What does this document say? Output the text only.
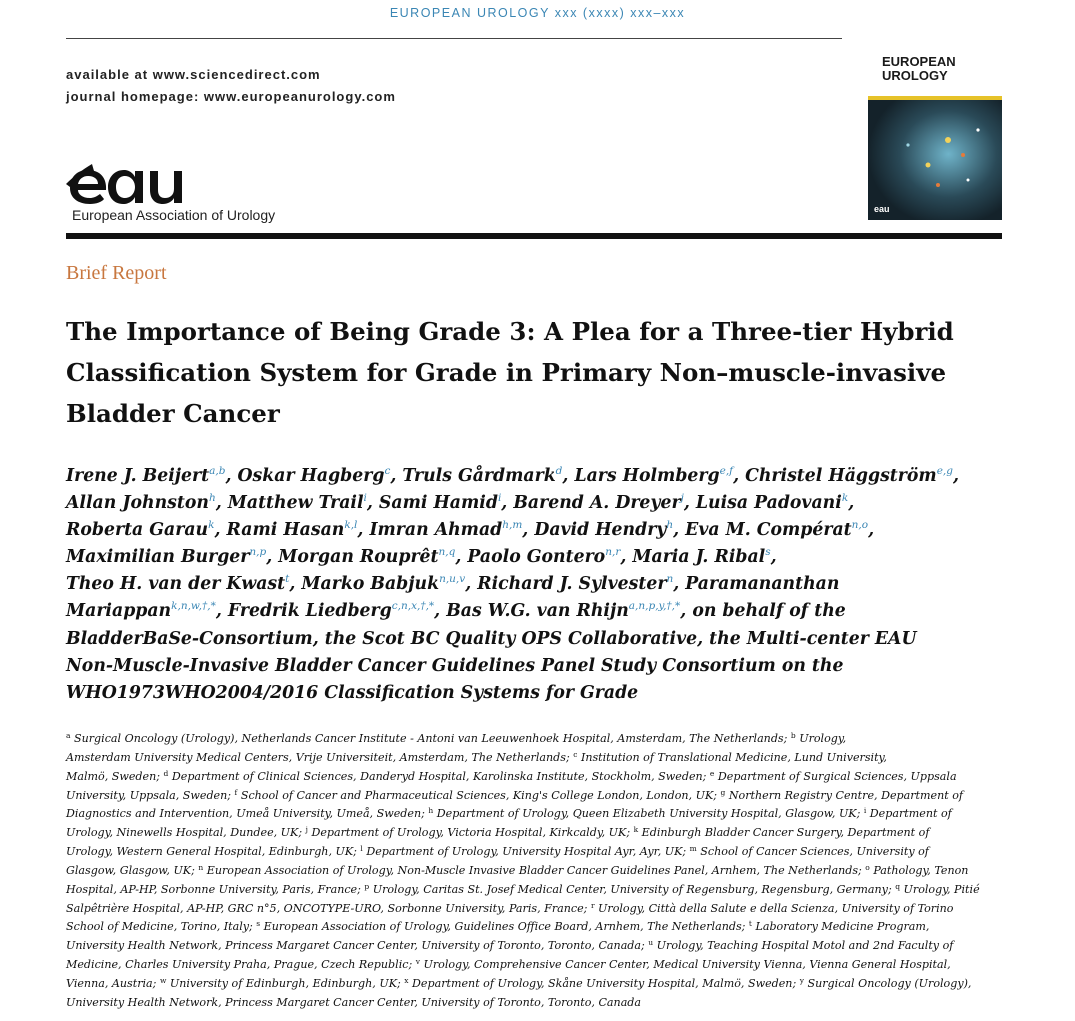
EUROPEAN UROLOGY xxx (xxxx) xxx–xxx
available at www.sciencedirect.com
journal homepage: www.europeanurology.com
European Association of Urology
EUROPEAN
UROLOGY
eau
Brief Report
The Importance of Being Grade 3: A Plea for a Three-tier Hybrid Classification System for Grade in Primary Non–muscle-invasive Bladder Cancer
Irene J. Beijert$^{a,b}$, Oskar Hagberg$^c$, Truls Gårdmark$^d$, Lars Holmberg$^{e,f}$, Christel Häggström$^{e,g}$,
Allan Johnston$^h$, Matthew Trail$^i$, Sami Hamid$^i$, Barend A. Dreyer$^j$, Luisa Padovani$^k$,
Roberta Garau$^k$, Rami Hasan$^{k,l}$, Imran Ahmad$^{h,m}$, David Hendry$^h$, Eva M. Compérat$^{n,o}$,
Maximilian Burger$^{n,p}$, Morgan Rouprêt$^{n,q}$, Paolo Gontero$^{n,r}$, Maria J. Ribal$^s$,
Theo H. van der Kwast$^t$, Marko Babjuk$^{n,u,v}$, Richard J. Sylvester$^n$, Paramananthan
Mariappan$^{k,n,w,\dagger,*}$, Fredrik Liedberg$^{c,n,x,\dagger,*}$, Bas W.G. van Rhijn$^{a,n,p,y,\dagger,*}$, on behalf of the
BladderBaSe-Consortium, the Scot BC Quality OPS Collaborative, the Multi-center EAU
Non-Muscle-Invasive Bladder Cancer Guidelines Panel Study Consortium on the
WHO1973WHO2004/2016 Classification Systems for Grade
$^a$ Surgical Oncology (Urology), Netherlands Cancer Institute - Antoni van Leeuwenhoek Hospital, Amsterdam, The Netherlands; $^b$ Urology,
Amsterdam University Medical Centers, Vrije Universiteit, Amsterdam, The Netherlands; $^c$ Institution of Translational Medicine, Lund University,
Malmö, Sweden; $^d$ Department of Clinical Sciences, Danderyd Hospital, Karolinska Institute, Stockholm, Sweden; $^e$ Department of Surgical Sciences, Uppsala
University, Uppsala, Sweden; $^f$ School of Cancer and Pharmaceutical Sciences, King's College London, London, UK; $^g$ Northern Registry Centre, Department of
Diagnostics and Intervention, Umeå University, Umeå, Sweden; $^h$ Department of Urology, Queen Elizabeth University Hospital, Glasgow, UK; $^i$ Department of
Urology, Ninewells Hospital, Dundee, UK; $^j$ Department of Urology, Victoria Hospital, Kirkcaldy, UK; $^k$ Edinburgh Bladder Cancer Surgery, Department of
Urology, Western General Hospital, Edinburgh, UK; $^l$ Department of Urology, University Hospital Ayr, Ayr, UK; $^m$ School of Cancer Sciences, University of
Glasgow, Glasgow, UK; $^n$ European Association of Urology, Non-Muscle Invasive Bladder Cancer Guidelines Panel, Arnhem, The Netherlands; $^o$ Pathology, Tenon
Hospital, AP-HP, Sorbonne University, Paris, France; $^p$ Urology, Caritas St. Josef Medical Center, University of Regensburg, Regensburg, Germany; $^q$ Urology, Pitié
Salpêtrière Hospital, AP-HP, GRC n°5, ONCOTYPE-URO, Sorbonne University, Paris, France; $^r$ Urology, Città della Salute e della Scienza, University of Torino
School of Medicine, Torino, Italy; $^s$ European Association of Urology, Guidelines Office Board, Arnhem, The Netherlands; $^t$ Laboratory Medicine Program,
University Health Network, Princess Margaret Cancer Center, University of Toronto, Toronto, Canada; $^u$ Urology, Teaching Hospital Motol and 2nd Faculty of
Medicine, Charles University Praha, Prague, Czech Republic; $^v$ Urology, Comprehensive Cancer Center, Medical University Vienna, Vienna General Hospital,
Vienna, Austria; $^w$ University of Edinburgh, Edinburgh, UK; $^x$ Department of Urology, Skåne University Hospital, Malmö, Sweden; $^y$ Surgical Oncology (Urology),
University Health Network, Princess Margaret Cancer Center, University of Toronto, Toronto, Canada
